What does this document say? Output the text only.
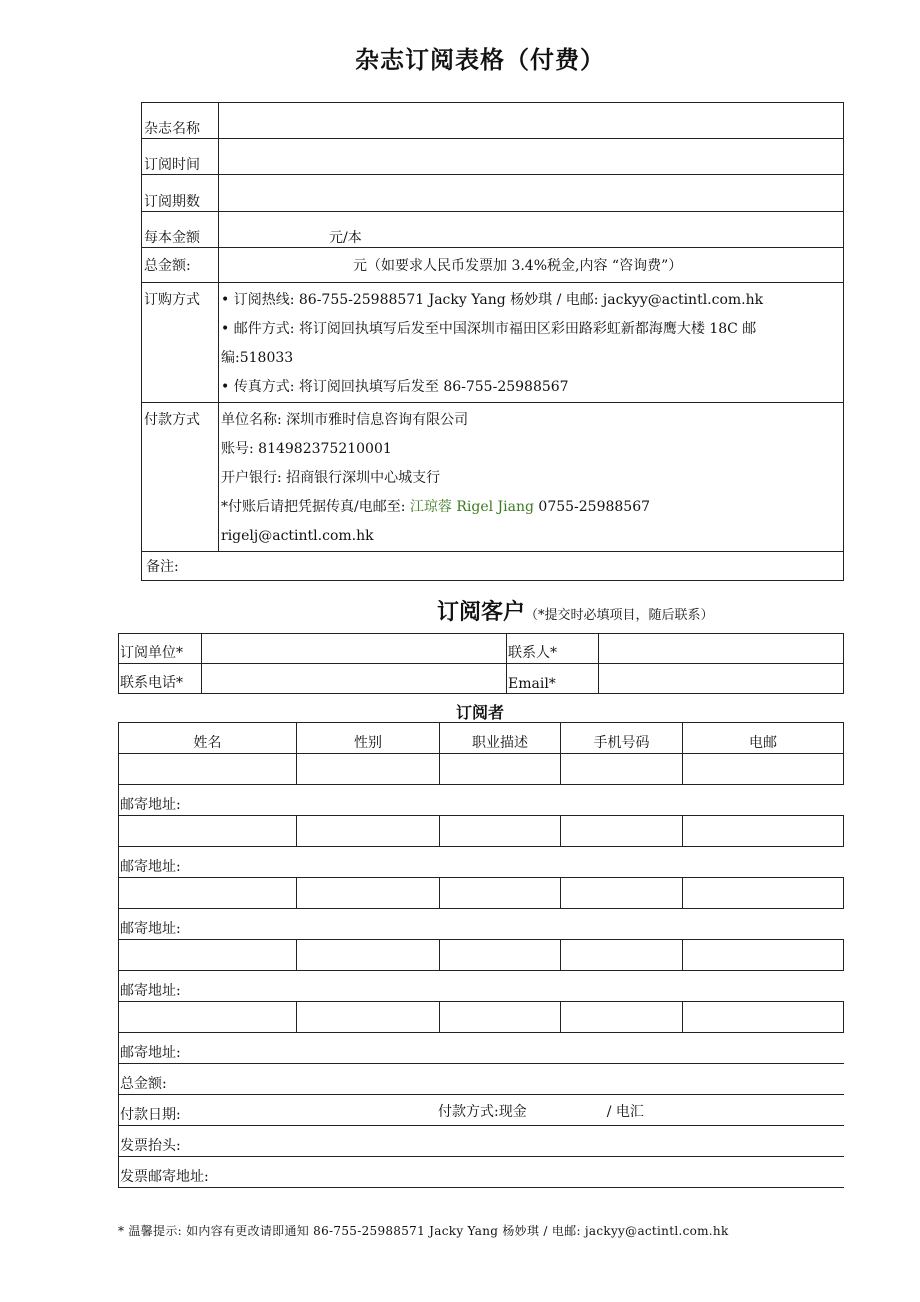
杂志订阅表格（付费）
杂志名称	
订阅时间	
订阅期数	
每本金额	元/本
总金额:	元（如要求人民币发票加 3.4%税金,内容 “咨询费”）
订购方式	• 订阅热线: 86-755-25988571 Jacky Yang 杨妙琪 / 电邮: jackyy@actintl.com.hk
• 邮件方式: 将订阅回执填写后发至中国深圳市福田区彩田路彩虹新都海鹰大楼 18C 邮
编:518033
• 传真方式: 将订阅回执填写后发至 86-755-25988567

付款方式	单位名称: 深圳市雅时信息咨询有限公司
账号: 814982375210001
开户银行: 招商银行深圳中心城支行
*付账后请把凭据传真/电邮至: 江琼蓉 Rigel Jiang 0755-25988567
rigelj@actintl.com.hk

备注:	
订阅客户（*提交时必填项目，随后联系）
订阅单位*		联系人*	
联系电话*		Email*	
订阅者
姓名	性别	职业描述	手机号码	电邮

邮寄地址:				

邮寄地址:				

邮寄地址:				

邮寄地址:				

邮寄地址:				
总金额:				
付款日期: 付款方式:现金 / 电汇				

发票抬头:				
发票邮寄地址:				
* 温馨提示: 如内容有更改请即通知 86-755-25988571 Jacky Yang 杨妙琪 / 电邮: jackyy@actintl.com.hk
